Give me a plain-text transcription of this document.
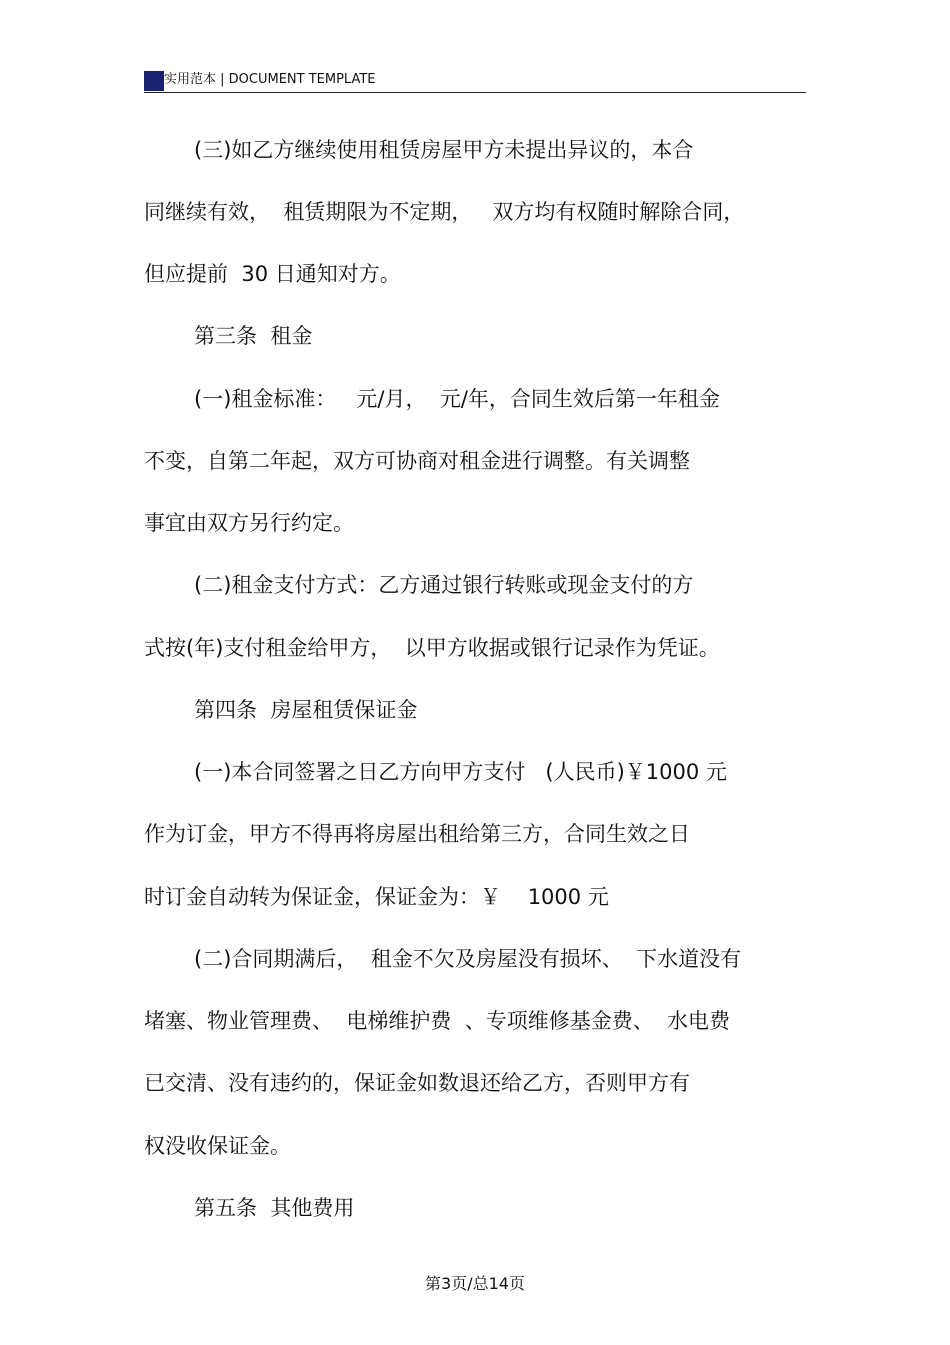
实用范本 | DOCUMENT TEMPLATE
(三)如乙方继续使用租赁房屋甲方未提出异议的，本合
同继续有效，  租赁期限为不定期，   双方均有权随时解除合同，
但应提前  30 日通知对方。
第三条  租金
(一)租金标准：   元/月，  元/年，合同生效后第一年租金
不变，自第二年起，双方可协商对租金进行调整。有关调整
事宜由双方另行约定。
(二)租金支付方式：乙方通过银行转账或现金支付的方
式按(年)支付租金给甲方，  以甲方收据或银行记录作为凭证。
第四条  房屋租赁保证金
(一)本合同签署之日乙方向甲方支付   (人民币)￥1000 元
作为订金，甲方不得再将房屋出租给第三方，合同生效之日
时订金自动转为保证金，保证金为：￥    1000 元
(二)合同期满后，  租金不欠及房屋没有损坏、  下水道没有
堵塞、物业管理费、  电梯维护费  、专项维修基金费、  水电费
已交清、没有违约的，保证金如数退还给乙方，否则甲方有
权没收保证金。
第五条  其他费用
第3页/总14页
